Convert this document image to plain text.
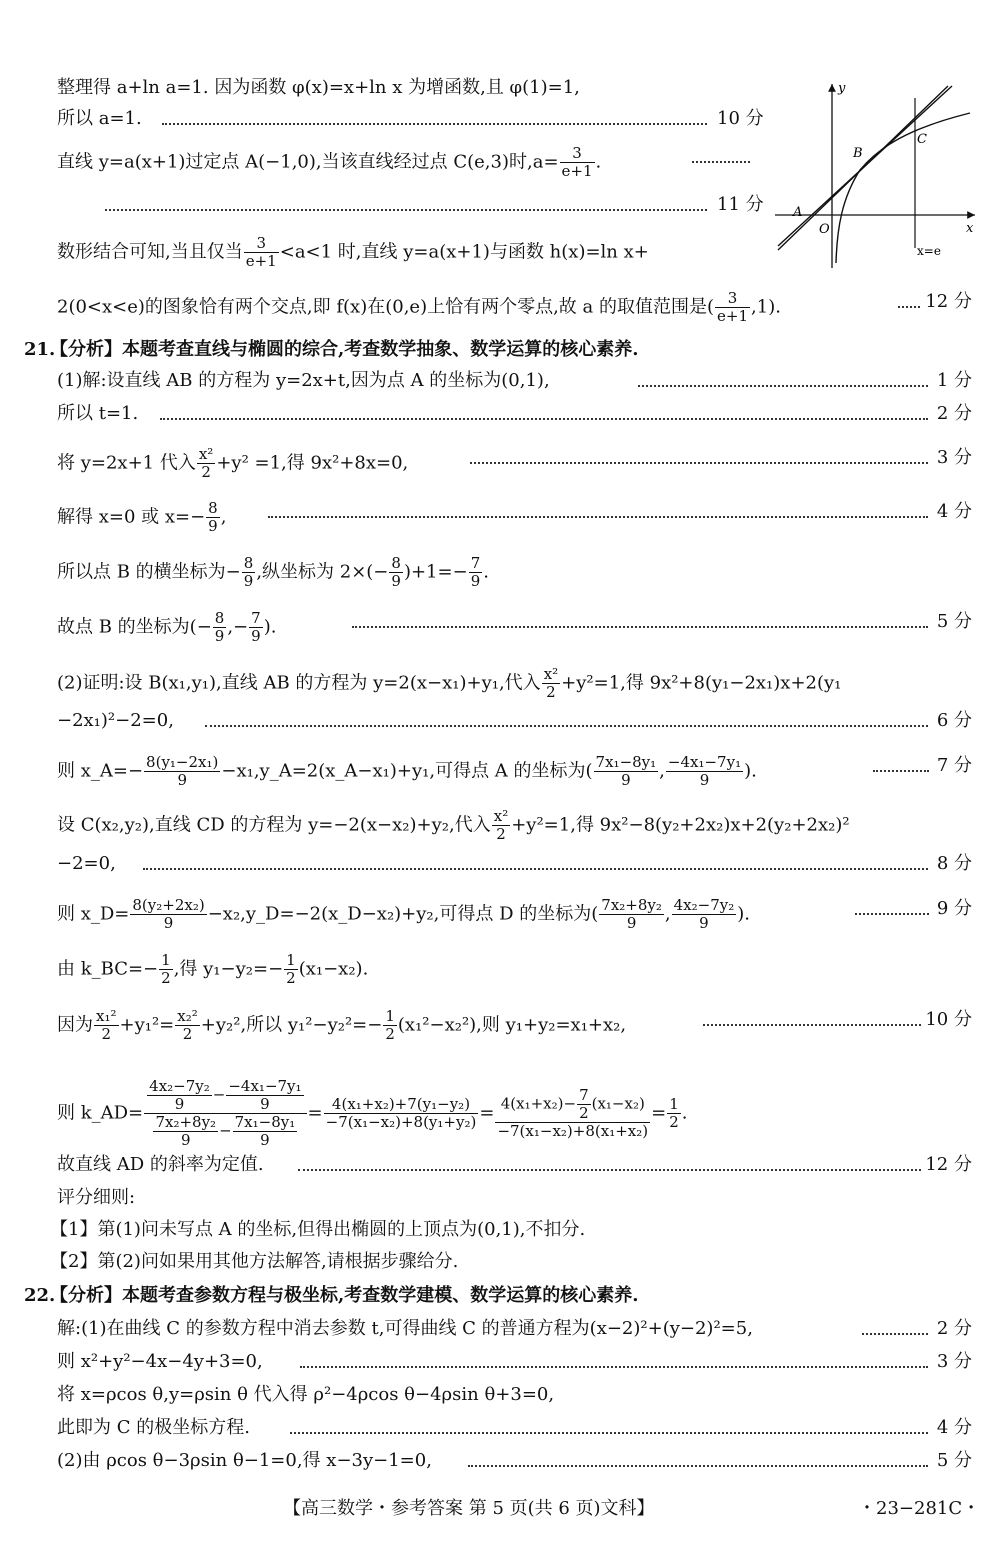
整理得 a+ln a=1. 因为函数 φ(x)=x+ln x 为增函数,且 φ(1)=1,
所以 a=1.	10 分
直线 y=a(x+1)过定点 A(−1,0),当该直线经过点 C(e,3)时$,a= \frac{3}{e+1}$ .
11 分
数形结合可知,当且仅当 $\frac{3}{e+1} <a<1$ 时,直线 y=a(x+1)与函数 h(x)=ln x+
2(0<x<e)的图象恰有两个交点,即 f(x)在(0,e)上恰有两个零点,故 a 的取值范围是( $\frac{3}{e+1} ,1$).	12 分
y
x
O
A
B
C
x=e
21.
【分析】本题考查直线与椭圆的综合,考查数学抽象、数学运算的核心素养.
(1)解:设直线 AB 的方程为 y=2x+t,因为点 A 的坐标为(0,1),	1 分
所以 t=1.	2 分
将 y=2x+1 代入 $\frac{\text{x²}}{2} +y^2 =1$,得 9x²+8x=0,	3 分
解得 x=0 或 $x=- \frac{8}{9}$ ,	4 分
所以点 B 的横坐标为− $\frac{8}{9}$ ,纵坐标为 $2\times(- \frac{8}{9} )+1=- \frac{7}{9}$ .
故点 B 的坐标为(− $\frac{8}{9}$ ,− $\frac{7}{9}$ ).	5 分
(2)证明:设 B(x₁,y₁),直线 AB 的方程为 y=2(x−x₁)+y₁,代入 $\frac{\text{x²}}{2} +y^2=1$,得 9x²+8(y₁−2x₁)x+2(y₁
−2x₁)²−2=0,	6 分
则 x_A=− $\frac{\text{8(y₁−2x₁)}}{9}$ −x₁,y_A=2(x_A−x₁)+y₁,可得点 A 的坐标为( $\frac{\text{7x₁−8y₁}}{9}$ , $\frac{\text{−4x₁−7y₁}}{9}$ ).	7 分
设 C(x₂,y₂),直线 CD 的方程为 y=−2(x−x₂)+y₂,代入 $\frac{\text{x²}}{2} +y^2=1$,得 9x²−8(y₂+2x₂)x+2(y₂+2x₂)²
−2=0,	8 分
则 x_D= $\frac{\text{8(y₂+2x₂)}}{9}$ −x₂,y_D=−2(x_D−x₂)+y₂,可得点 D 的坐标为( $\frac{\text{7x₂+8y₂}}{9}$ , $\frac{\text{4x₂−7y₂}}{9}$ ).	9 分
由 k_BC=− $\frac{1}{2}$ ,得 $y_1-y_2=- \frac{1}{2} (x_1-x_2)$.
因为 $\frac{\text{x₁²}}{2} +y_1^2= \frac{\text{x₂²}}{2} +y_2^2$,所以 $y_1^2-y_2^2=- \frac{1}{2} (x_1^2-x_2^2)$,则 y₁+y₂=x₁+x₂,	10 分
则 k_AD= $\frac{\frac{\text{4x₂−7y₂}}{9} - \frac{\text{−4x₁−7y₁}}{9}}{\frac{\text{7x₂+8y₂}}{9} - \frac{\text{7x₁−8y₁}}{9}} = \frac{\text{4(x₁+x₂)+7(y₁−y₂)}}{\text{−7(x₁−x₂)+8(y₁+y₂)}} = \frac{4(x_1+x_2)- \frac{7}{2} (x_1-x_2)}{\text{−7(x₁−x₂)+8(x₁+x₂)}} = \frac{1}{2}$ .
故直线 AD 的斜率为定值.	12 分
评分细则:
【1】第(1)问未写点 A 的坐标,但得出椭圆的上顶点为(0,1),不扣分.
【2】第(2)问如果用其他方法解答,请根据步骤给分.
22.
【分析】本题考查参数方程与极坐标,考查数学建模、数学运算的核心素养.
解:(1)在曲线 C 的参数方程中消去参数 t,可得曲线 C 的普通方程为(x−2)²+(y−2)²=5,	2 分
则 x²+y²−4x−4y+3=0,	3 分
将 x=ρcos θ,y=ρsin θ 代入得 ρ²−4ρcos θ−4ρsin θ+3=0,
此即为 C 的极坐标方程.	4 分
(2)由 ρcos θ−3ρsin θ−1=0,得 x−3y−1=0,	5 分
【高三数学・参考答案 第 5 页(共 6 页)文科】	・23−281C・
